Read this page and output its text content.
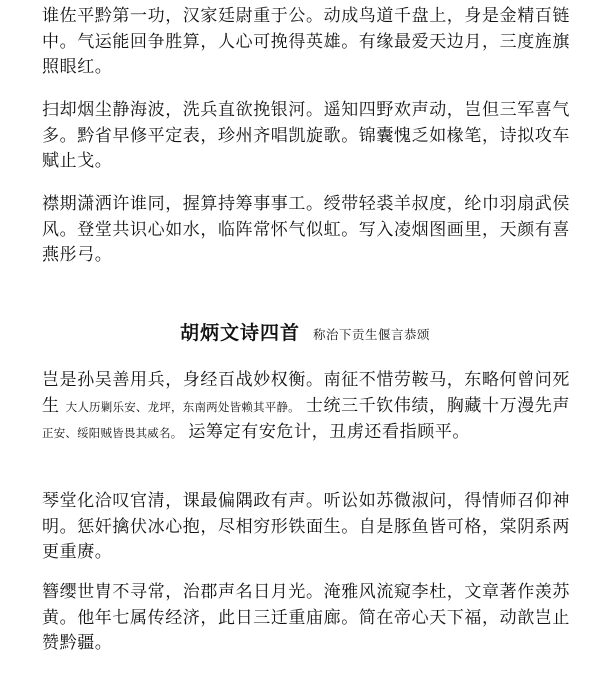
谁佐平黔第一功，汉家廷尉重于公。动成鸟道千盘上，身是金精百链中。气运能回争胜算，人心可挽得英雄。有缘最爱天边月，三度旌旗照眼红。

扫却烟尘静海波，洗兵直欲挽银河。遥知四野欢声动，岂但三军喜气多。黔省早修平定表，珍州齐唱凯旋歌。锦囊愧乏如椽笔，诗拟攻车赋止戈。

襟期潇洒许谁同，握算持筹事事工。绶带轻裘羊叔度，纶巾羽扇武侯风。登堂共识心如水，临阵常怀气似虹。写入凌烟图画里，天颜有喜燕彤弓。

胡炳文诗四首 称治下贡生偃言恭颂

岂是孙吴善用兵，身经百战妙权衡。南征不惜劳鞍马，东略何曾问死生 大人历剿乐安、龙坪，东南两处皆赖其平静。 士统三千钦伟绩，胸藏十万漫先声 正安、绥阳贼皆畏其威名。 运筹定有安危计，丑虏还看指顾平。

琴堂化洽叹官清，课最偏隅政有声。听讼如苏微淑问，得情师召仰神明。惩奸擒伏冰心抱，尽相穷形铁面生。自是豚鱼皆可格，棠阴系两更重赓。

簪缨世胄不寻常，治郡声名日月光。淹雅风流窥李杜，文章著作羡苏黄。他年七属传经济，此日三迁重庙廊。简在帝心天下福，动歆岂止赞黔疆。
